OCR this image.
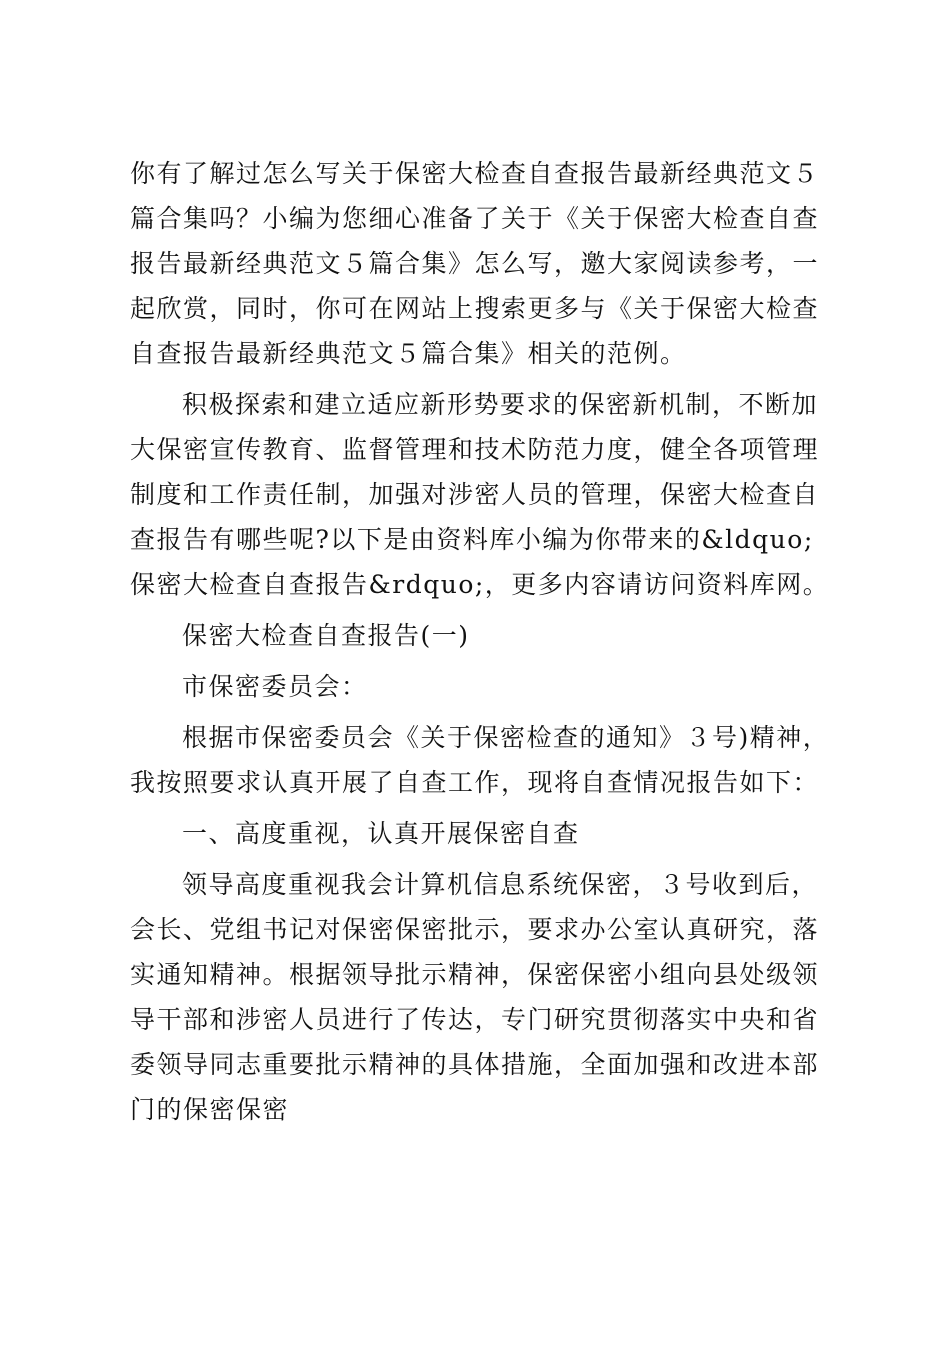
你有了解过怎么写关于保密大检查自查报告最新经典范文５篇合集吗？小编为您细心准备了关于《关于保密大检查自查报告最新经典范文５篇合集》怎么写，邀大家阅读参考，一起欣赏，同时，你可在网站上搜索更多与《关于保密大检查自查报告最新经典范文５篇合集》相关的范例。

积极探索和建立适应新形势要求的保密新机制，不断加大保密宣传教育、监督管理和技术防范力度，健全各项管理制度和工作责任制，加强对涉密人员的管理，保密大检查自查报告有哪些呢?以下是由资料库小编为你带来的&ldquo;保密大检查自查报告&rdquo;，更多内容请访问资料库网。

保密大检查自查报告(一)

市保密委员会：

根据市保密委员会《关于保密检查的通知》３号)精神，我按照要求认真开展了自查工作，现将自查情况报告如下：

一、高度重视，认真开展保密自查

领导高度重视我会计算机信息系统保密，３号收到后，会长、党组书记对保密保密批示，要求办公室认真研究，落实通知精神。根据领导批示精神，保密保密小组向县处级领导干部和涉密人员进行了传达，专门研究贯彻落实中央和省委领导同志重要批示精神的具体措施，全面加强和改进本部门的保密保密
